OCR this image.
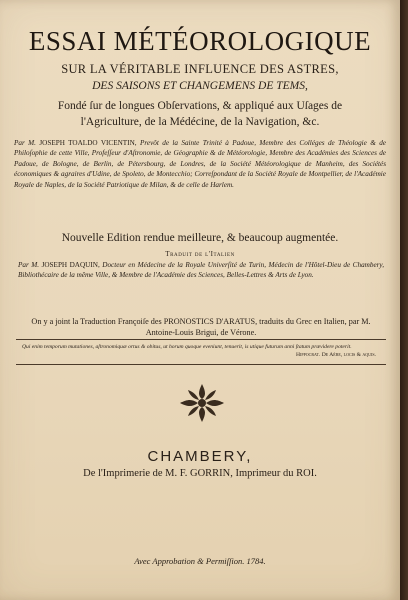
ESSAI MÉTÉOROLOGIQUE
SUR LA VÉRITABLE INFLUENCE DES ASTRES,
DES SAISONS ET CHANGEMENS DE TEMS,
Fondé ſur de longues Obſervations, & appliqué aux Uſages de
l'Agriculture, de la Médécine, de la Navigation, &c.
Par M. JOSEPH TOALDO VICENTIN, Prevôt de la Sainte Trinité à Padoue, Membre des Colléges de Théologie & de Philoſophie de cette Ville, Profeſſeur d'Aſtronomie, de Géographie & de Météorologie, Membre des Académies des Sciences de Padoue, de Bologne, de Berlin, de Pétersbourg, de Londres, de la Société Météorologique de Manheim, des Sociétés économiques & agraires d'Udine, de Spoleto, de Montecchio; Correſpondant de la Société Royale de Montpellier, de l'Académie Royale de Naples, de la Société Patriotique de Milan, & de celle de Harlem.
Nouvelle Edition rendue meilleure, & beaucoup augmentée.
Traduit de l'Italien
Par M. JOSEPH DAQUIN, Docteur en Médecine de la Royale Univerſité de Turin, Médecin de l'Hôtel-Dieu de Chambery, Bibliothécaire de la même Ville, & Membre de l'Académie des Sciences, Belles-Lettres & Arts de Lyon.
On y a joint la Traduction Françoiſe des PRONOSTICS D'ARATUS, traduits du Grec en Italien, par M. Antoine-Louis Brigui, de Vérone.
Qui enim temporum mutationes, aſtronomiquæ ortus & obitus, ut horum quoque eveniunt, tenuerit, is utique futurum anni ſtatum prævidere poterit.
Hippocrat. De Aëre, locis & aquis.
CHAMBERY,
De l'Imprimerie de M. F. GORRIN, Imprimeur du ROI.
Avec Approbation & Permiſſion. 1784.
